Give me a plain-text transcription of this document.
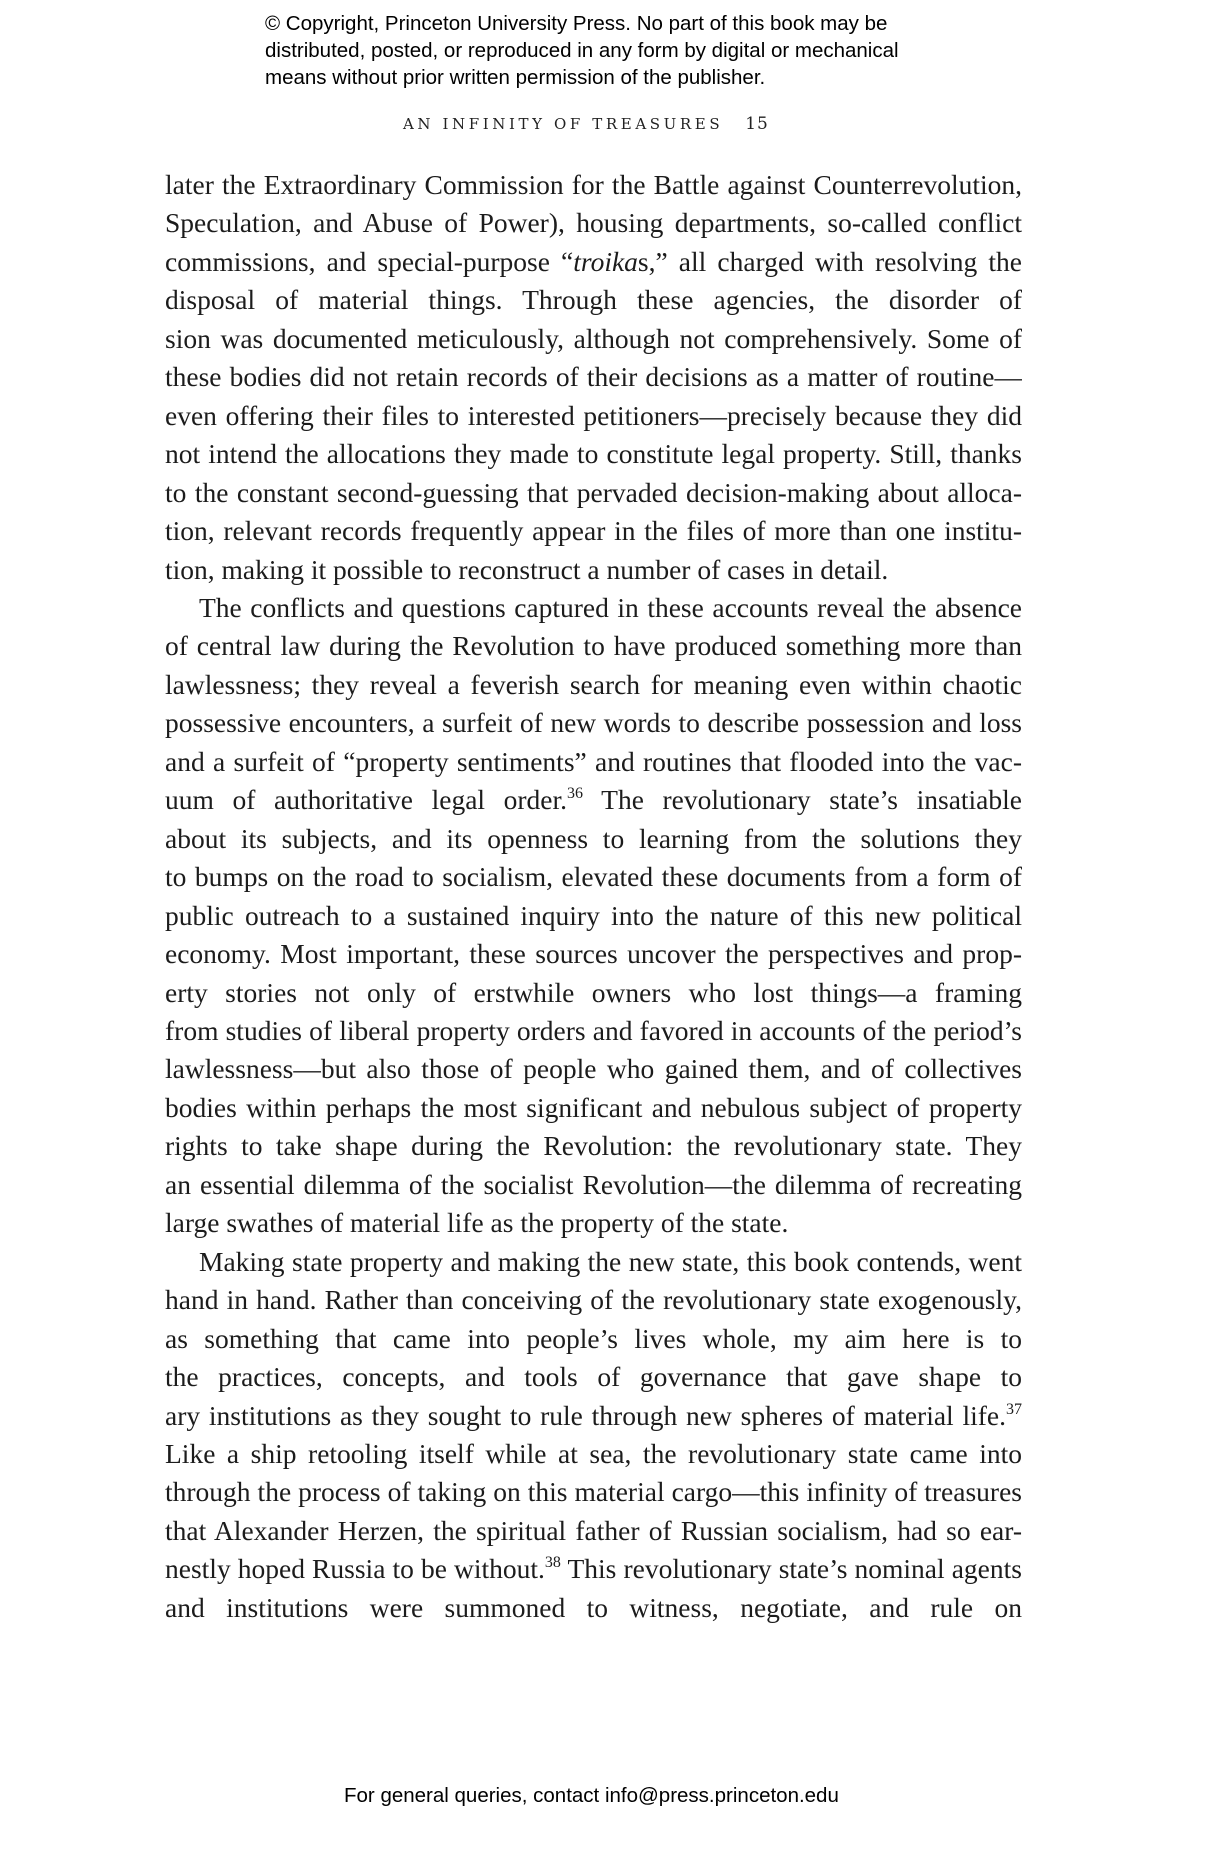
© Copyright, Princeton University Press. No part of this book may be
distributed, posted, or reproduced in any form by digital or mechanical
means without prior written permission of the publisher.
AN INFINITY OF TREASURES 15
later the Extraordinary Commission for the Battle against Counterrevolution,
Speculation, and Abuse of Power), housing departments, so-called conflict
commissions, and special-purpose “troikas,” all charged with resolving the
disposal of material things. Through these agencies, the disorder of
sion was documented meticulously, although not comprehensively. Some of
these bodies did not retain records of their decisions as a matter of routine—
even offering their files to interested petitioners—precisely because they did
not intend the allocations they made to constitute legal property. Still, thanks
to the constant second-guessing that pervaded decision-making about alloca-
tion, relevant records frequently appear in the files of more than one institu-
tion, making it possible to reconstruct a number of cases in detail.
The conflicts and questions captured in these accounts reveal the absence
of central law during the Revolution to have produced something more than
lawlessness; they reveal a feverish search for meaning even within chaotic
possessive encounters, a surfeit of new words to describe possession and loss
and a surfeit of “property sentiments” and routines that flooded into the vac-
uum of authoritative legal order.$^{36}$ The revolutionary state’s insatiable
about its subjects, and its openness to learning from the solutions they
to bumps on the road to socialism, elevated these documents from a form of
public outreach to a sustained inquiry into the nature of this new political
economy. Most important, these sources uncover the perspectives and prop-
erty stories not only of erstwhile owners who lost things—a framing
from studies of liberal property orders and favored in accounts of the period’s
lawlessness—but also those of people who gained them, and of collectives
bodies within perhaps the most significant and nebulous subject of property
rights to take shape during the Revolution: the revolutionary state. They
an essential dilemma of the socialist Revolution—the dilemma of recreating
large swathes of material life as the property of the state.
Making state property and making the new state, this book contends, went
hand in hand. Rather than conceiving of the revolutionary state exogenously,
as something that came into people’s lives whole, my aim here is to
the practices, concepts, and tools of governance that gave shape to
ary institutions as they sought to rule through new spheres of material life.$^{37}$
Like a ship retooling itself while at sea, the revolutionary state came into
through the process of taking on this material cargo—this infinity of treasures
that Alexander Herzen, the spiritual father of Russian socialism, had so ear-
nestly hoped Russia to be without.$^{38}$ This revolutionary state’s nominal agents
and institutions were summoned to witness, negotiate, and rule on
For general queries, contact info@press.princeton.edu
